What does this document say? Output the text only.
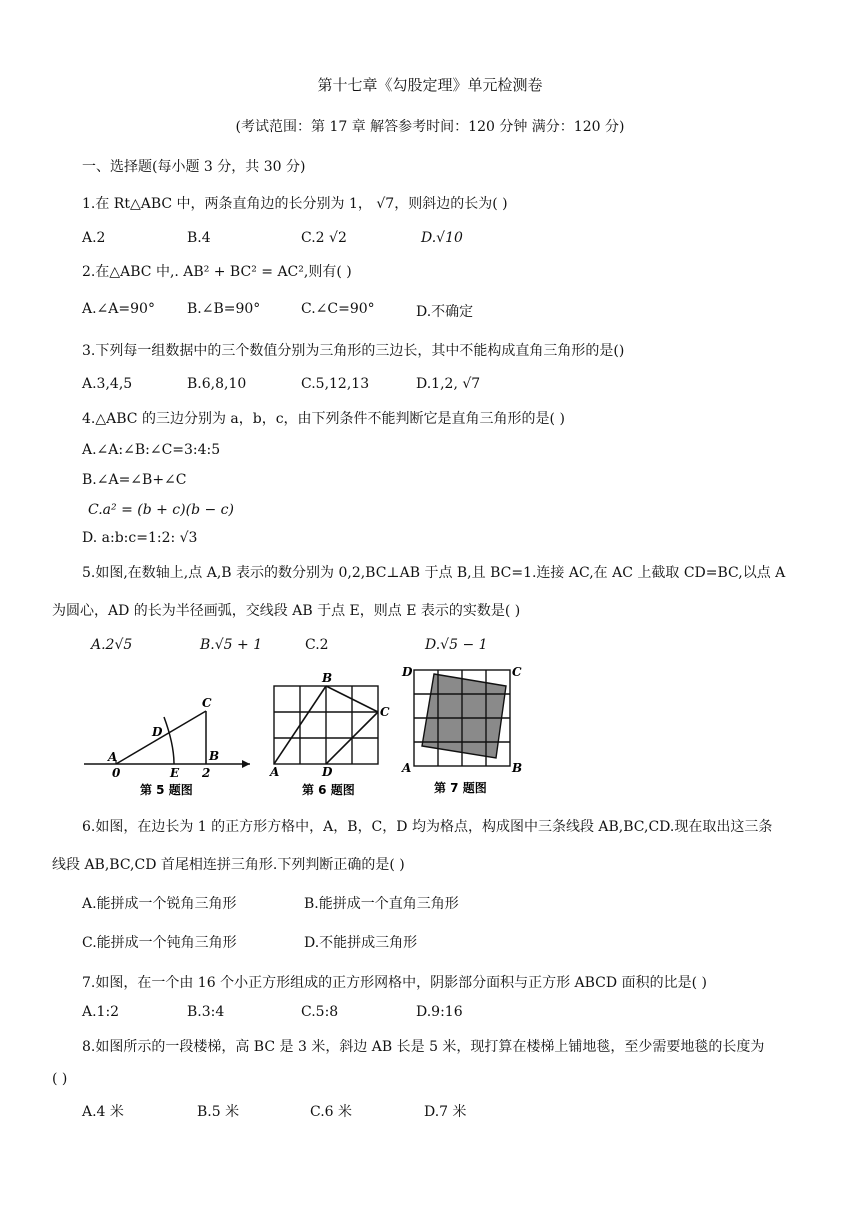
第十七章《勾股定理》单元检测卷
(考试范围：第 17 章 解答参考时间：120 分钟 满分：120 分)
一、选择题(每小题 3 分，共 30 分)
1.在 Rt△ABC 中，两条直角边的长分别为 1， √7，则斜边的长为( )
A.2	B.4	C.2 √2	D.√10
2.在△ABC 中,. AB² + BC² = AC²,则有( )
A.∠A=90° B.∠B=90°	C.∠C=90°	D.不确定
3.下列每一组数据中的三个数值分别为三角形的三边长，其中不能构成直角三角形的是()
A.3,4,5	B.6,8,10	C.5,12,13	D.1,2, √7
4.△ABC 的三边分别为 a，b，c，由下列条件不能判断它是直角三角形的是( )
A.∠A:∠B:∠C=3:4:5
B.∠A=∠B+∠C
C.a² = (b + c)(b − c)
D. a:b:c=1:2: √3
5.如图,在数轴上,点 A,B 表示的数分别为 0,2,BC⊥AB 于点 B,且 BC=1.连接 AC,在 AC 上截取 CD=BC,以点 A
为圆心，AD 的长为半径画弧，交线段 AB 于点 E，则点 E 表示的实数是( )
A.2√5	B.√5 + 1	C.2	D.√5 − 1
A
D
C
B
0	E 2
第 5 题图
B
C
A	D
第 6 题图
D	C
A	B
第 7 题图
6.如图，在边长为 1 的正方形方格中，A，B，C，D 均为格点，构成图中三条线段 AB,BC,CD.现在取出这三条
线段 AB,BC,CD 首尾相连拼三角形.下列判断正确的是( )
A.能拼成一个锐角三角形	B.能拼成一个直角三角形
C.能拼成一个钝角三角形	D.不能拼成三角形
7.如图，在一个由 16 个小正方形组成的正方形网格中，阴影部分面积与正方形 ABCD 面积的比是( )
A.1:2	B.3:4	C.5:8	D.9:16
8.如图所示的一段楼梯，高 BC 是 3 米，斜边 AB 长是 5 米，现打算在楼梯上铺地毯，至少需要地毯的长度为
( )
A.4 米	B.5 米	C.6 米	D.7 米
